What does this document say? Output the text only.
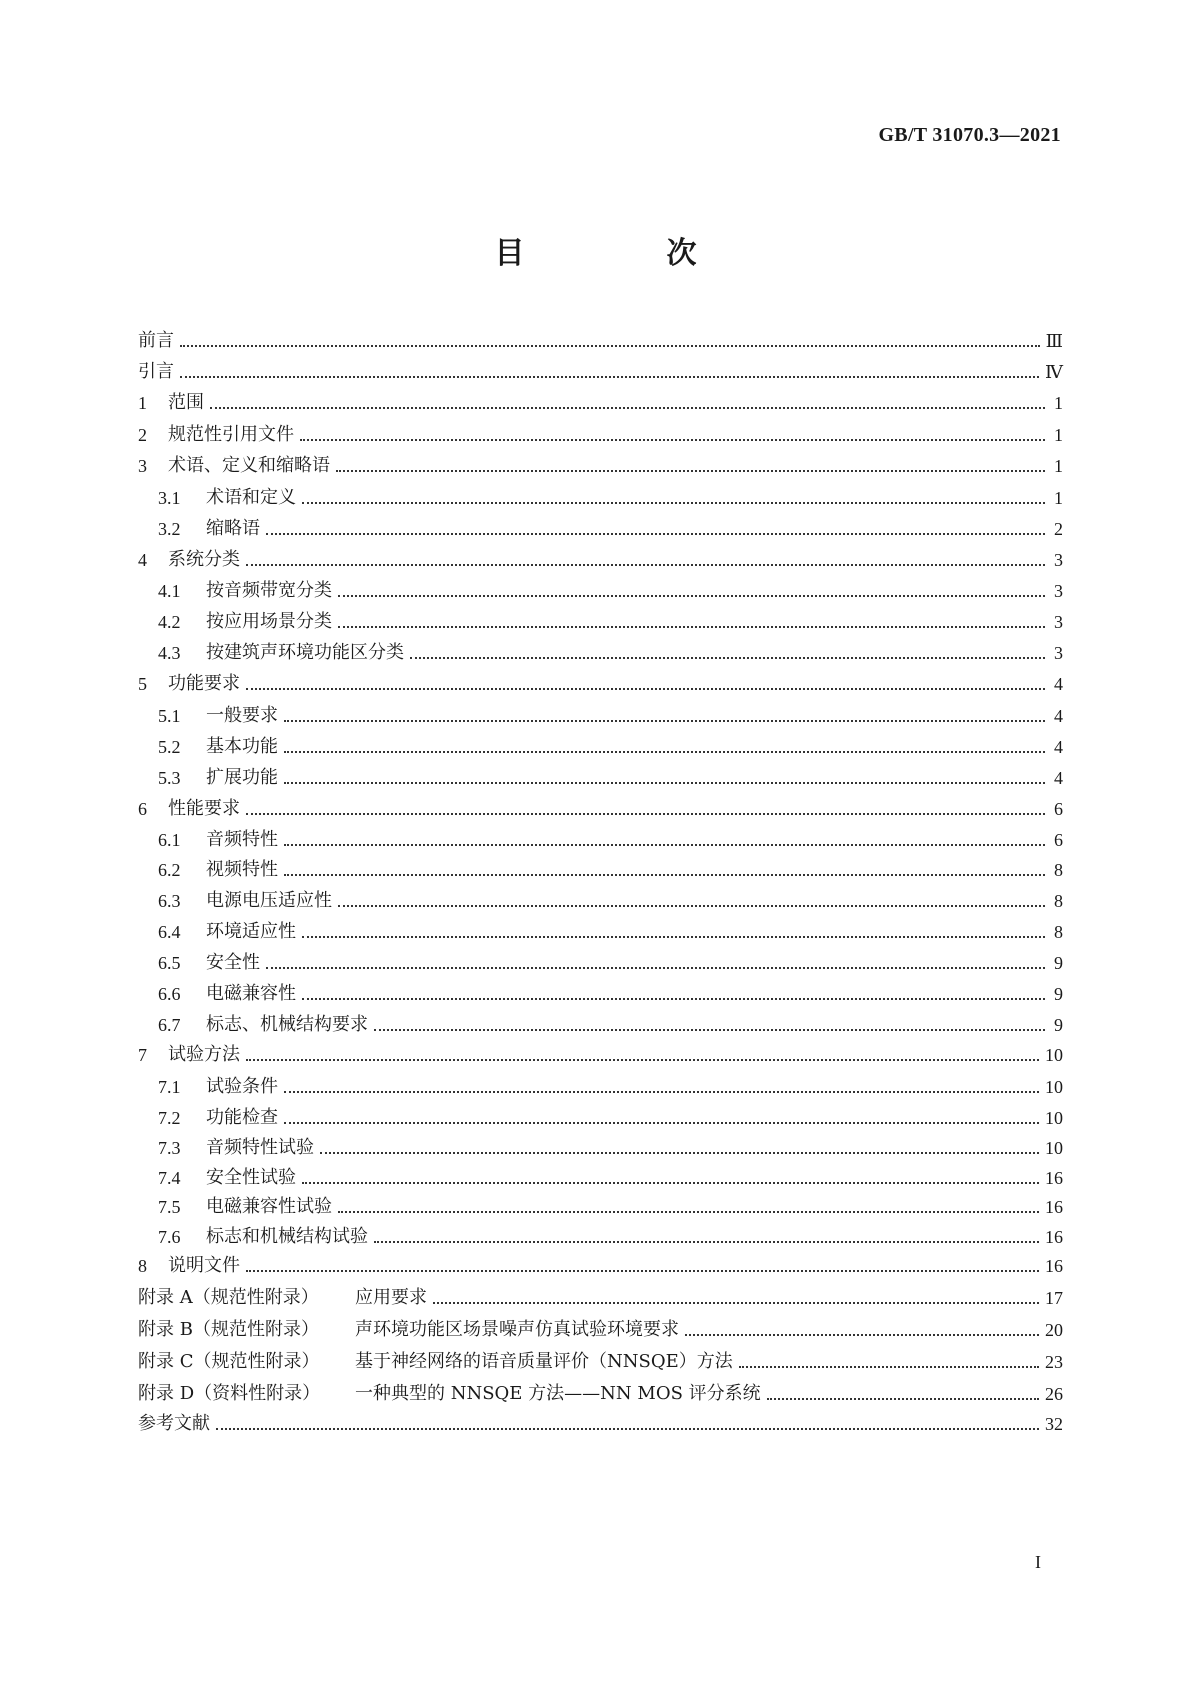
GB/T 31070.3—2021
目　次
前言	Ⅲ
引言	Ⅳ
1	范围	1
2	规范性引用文件	1
3	术语、定义和缩略语	1
3.1	术语和定义	1
3.2	缩略语	2
4	系统分类	3
4.1	按音频带宽分类	3
4.2	按应用场景分类	3
4.3	按建筑声环境功能区分类	3
5	功能要求	4
5.1	一般要求	4
5.2	基本功能	4
5.3	扩展功能	4
6	性能要求	6
6.1	音频特性	6
6.2	视频特性	8
6.3	电源电压适应性	8
6.4	环境适应性	8
6.5	安全性	9
6.6	电磁兼容性	9
6.7	标志、机械结构要求	9
7	试验方法	10
7.1	试验条件	10
7.2	功能检查	10
7.3	音频特性试验	10
7.4	安全性试验	16
7.5	电磁兼容性试验	16
7.6	标志和机械结构试验	16
8	说明文件	16
附录 A（规范性附录）	应用要求	17
附录 B（规范性附录）	声环境功能区场景噪声仿真试验环境要求	20
附录 C（规范性附录）	基于神经网络的语音质量评价（NNSQE）方法	23
附录 D（资料性附录）	一种典型的 NNSQE 方法——NN MOS 评分系统	26
参考文献	32
I
